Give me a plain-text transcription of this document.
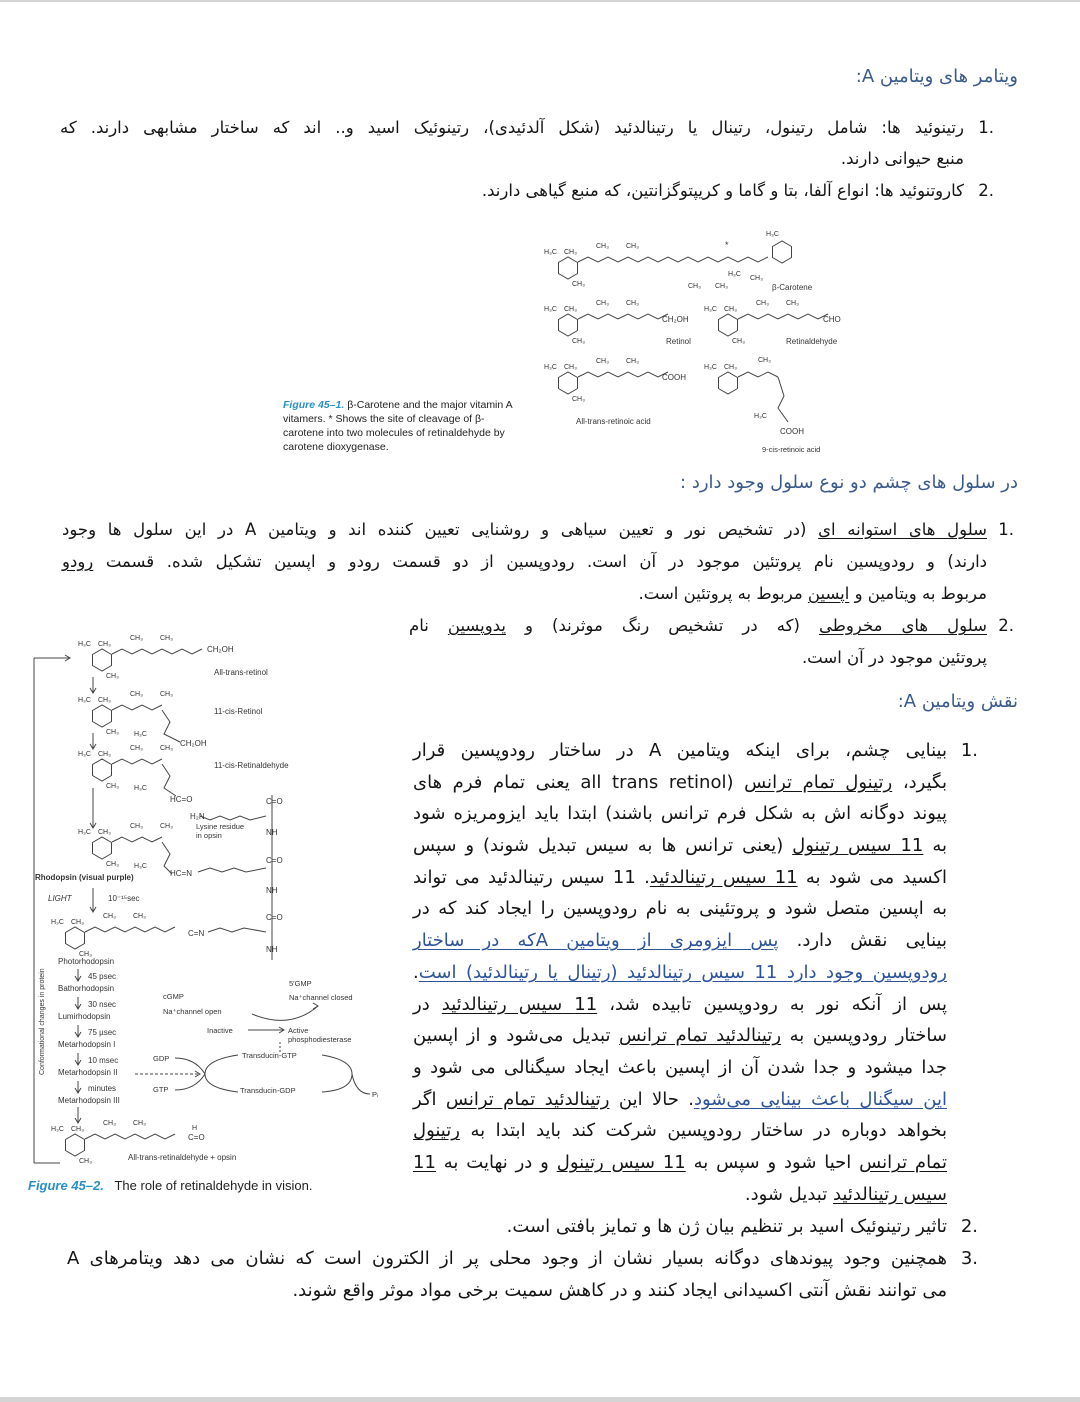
ویتامر های ویتامین A:
1.
رتینوئید ها: شامل رتینول، رتینال یا رتینالدئید (شکل آلدئیدی)، رتینوئیک اسید و.. اند که ساختار مشابهی دارند. که
منبع حیوانی دارند.
2.
کاروتنوئید ها: انواع آلفا، بتا و گاما و کریپتوگزانتین، که منبع گیاهی دارند.
H₃C CH₃
CH₃
CH₃ CH₃	*
CH₃ CH₃
H₃C
CH₃
H₃C
β-Carotene
H₃C CH₃
CH₃
CH₃ CH₃
CH₂OH
Retinol
H₃C CH₃
CH₃
CH₃ CH₃
CHO
Retinaldehyde
H₃C CH₃
CH₃
CH₃ CH₃
COOH
All-trans-retinoic acid
H₃C CH₃
CH₃
H₃C
COOH
9-cis-retinoic acid
Figure 45–1. β-Carotene and the major vitamin A vitamers. * Shows the site of cleavage of β-carotene into two molecules of retinaldehyde by carotene dioxygenase.
در سلول های چشم دو نوع سلول وجود دارد :
1.
سلول های استوانه ای (در تشخیص نور و تعیین سیاهی و روشنایی تعیین کننده اند و ویتامین A در این سلول ها وجود
دارند) و رودوپسین نام پروتئین موجود در آن است. رودوپسین از دو قسمت رودو و اپسین تشکیل شده. قسمت رودو
مربوط به ویتامین و اپسین مربوط به پروتئین است.
2.
سلول های مخروطی (که در تشخیص رنگ موثرند) و یدوپسین نام
پروتئین موجود در آن است.
H₃C CH₃
CH₃
CH₃ CH₃
CH₂OH
All-trans-retinol
H₃C CH₃
CH₃
CH₃ CH₃
H₃C
CH₂OH
11-cis-Retinol
H₃C CH₃
CH₃
CH₃ CH₃
H₃C
HC=O
11-cis-Retinaldehyde
H₃C CH₃
CH₃
CH₃ CH₃
H₃C
HC=N
H₂N
Lysine residue
in opsin
C=O
NH
C=O
NH
C=O
NH
Rhodopsin (visual purple)
LIGHT	10⁻¹⁵sec
H₃C CH₃
CH₃
CH₃ CH₃
C=N
Photorhodopsin
Conformational changes in protein	45 psec
Bathorhodopsin
30 nsec
Lumirhodopsin
75 µsec
Metarhodopsin I
10 msec
Metarhodopsin II
minutes
Metarhodopsin III
cGMP
Na⁺channel open
5′GMP
Na⁺channel closed
Inactive	Active
phosphodiesterase
GDP
GTP
Transducin-GTP
Transducin-GDP	Pᵢ
H₃C CH₃
CH₃
CH₃ CH₃
H
C=O
All-trans-retinaldehyde + opsin
Figure 45–2. The role of retinaldehyde in vision.
نقش ویتامین A:
1.
بینایی چشم، برای اینکه ویتامین A در ساختار رودوپسین قرار
بگیرد، رتینول تمام ترانس (all trans retinol یعنی تمام فرم های
پیوند دوگانه اش به شکل فرم ترانس باشند) ابتدا باید ایزومریزه شود
به 11 سیس رتینول (یعنی ترانس ها به سیس تبدیل شوند) و سپس
اکسید می شود به 11 سیس رتینالدئید. 11 سیس رتینالدئید می تواند
به اپسین متصل شود و پروتئینی به نام رودوپسین را ایجاد کند که در
بینایی نقش دارد. پس ایزومری از ویتامین Aکه در ساختار
رودوپسین وجود دارد 11 سیس رتینالدئید (رتینال یا رتینالدئید) است.
پس از آنکه نور به رودوپسین تابیده شد، 11 سیس رتینالدئید در
ساختار رودوپسین به رتینالدئید تمام ترانس تبدیل می‌شود و از اپسین
جدا میشود و جدا شدن آن از اپسین باعث ایجاد سیگنالی می شود و
این سیگنال باعث بینایی می‌شود. حالا این رتینالدئید تمام ترانس اگر
بخواهد دوباره در ساختار رودوپسین شرکت کند باید ابتدا به رتینول
تمام ترانس احیا شود و سپس به 11 سیس رتینول و در نهایت به 11
سیس رتینالدئید تبدیل شود.
2.
تاثیر رتینوئیک اسید بر تنظیم بیان ژن ها و تمایز بافتی است.
3.
همچنین وجود پیوندهای دوگانه بسیار نشان از وجود محلی پر از الکترون است که نشان می دهد ویتامرهای A
می توانند نقش آنتی اکسیدانی ایجاد کنند و در کاهش سمیت برخی مواد موثر واقع شوند.
